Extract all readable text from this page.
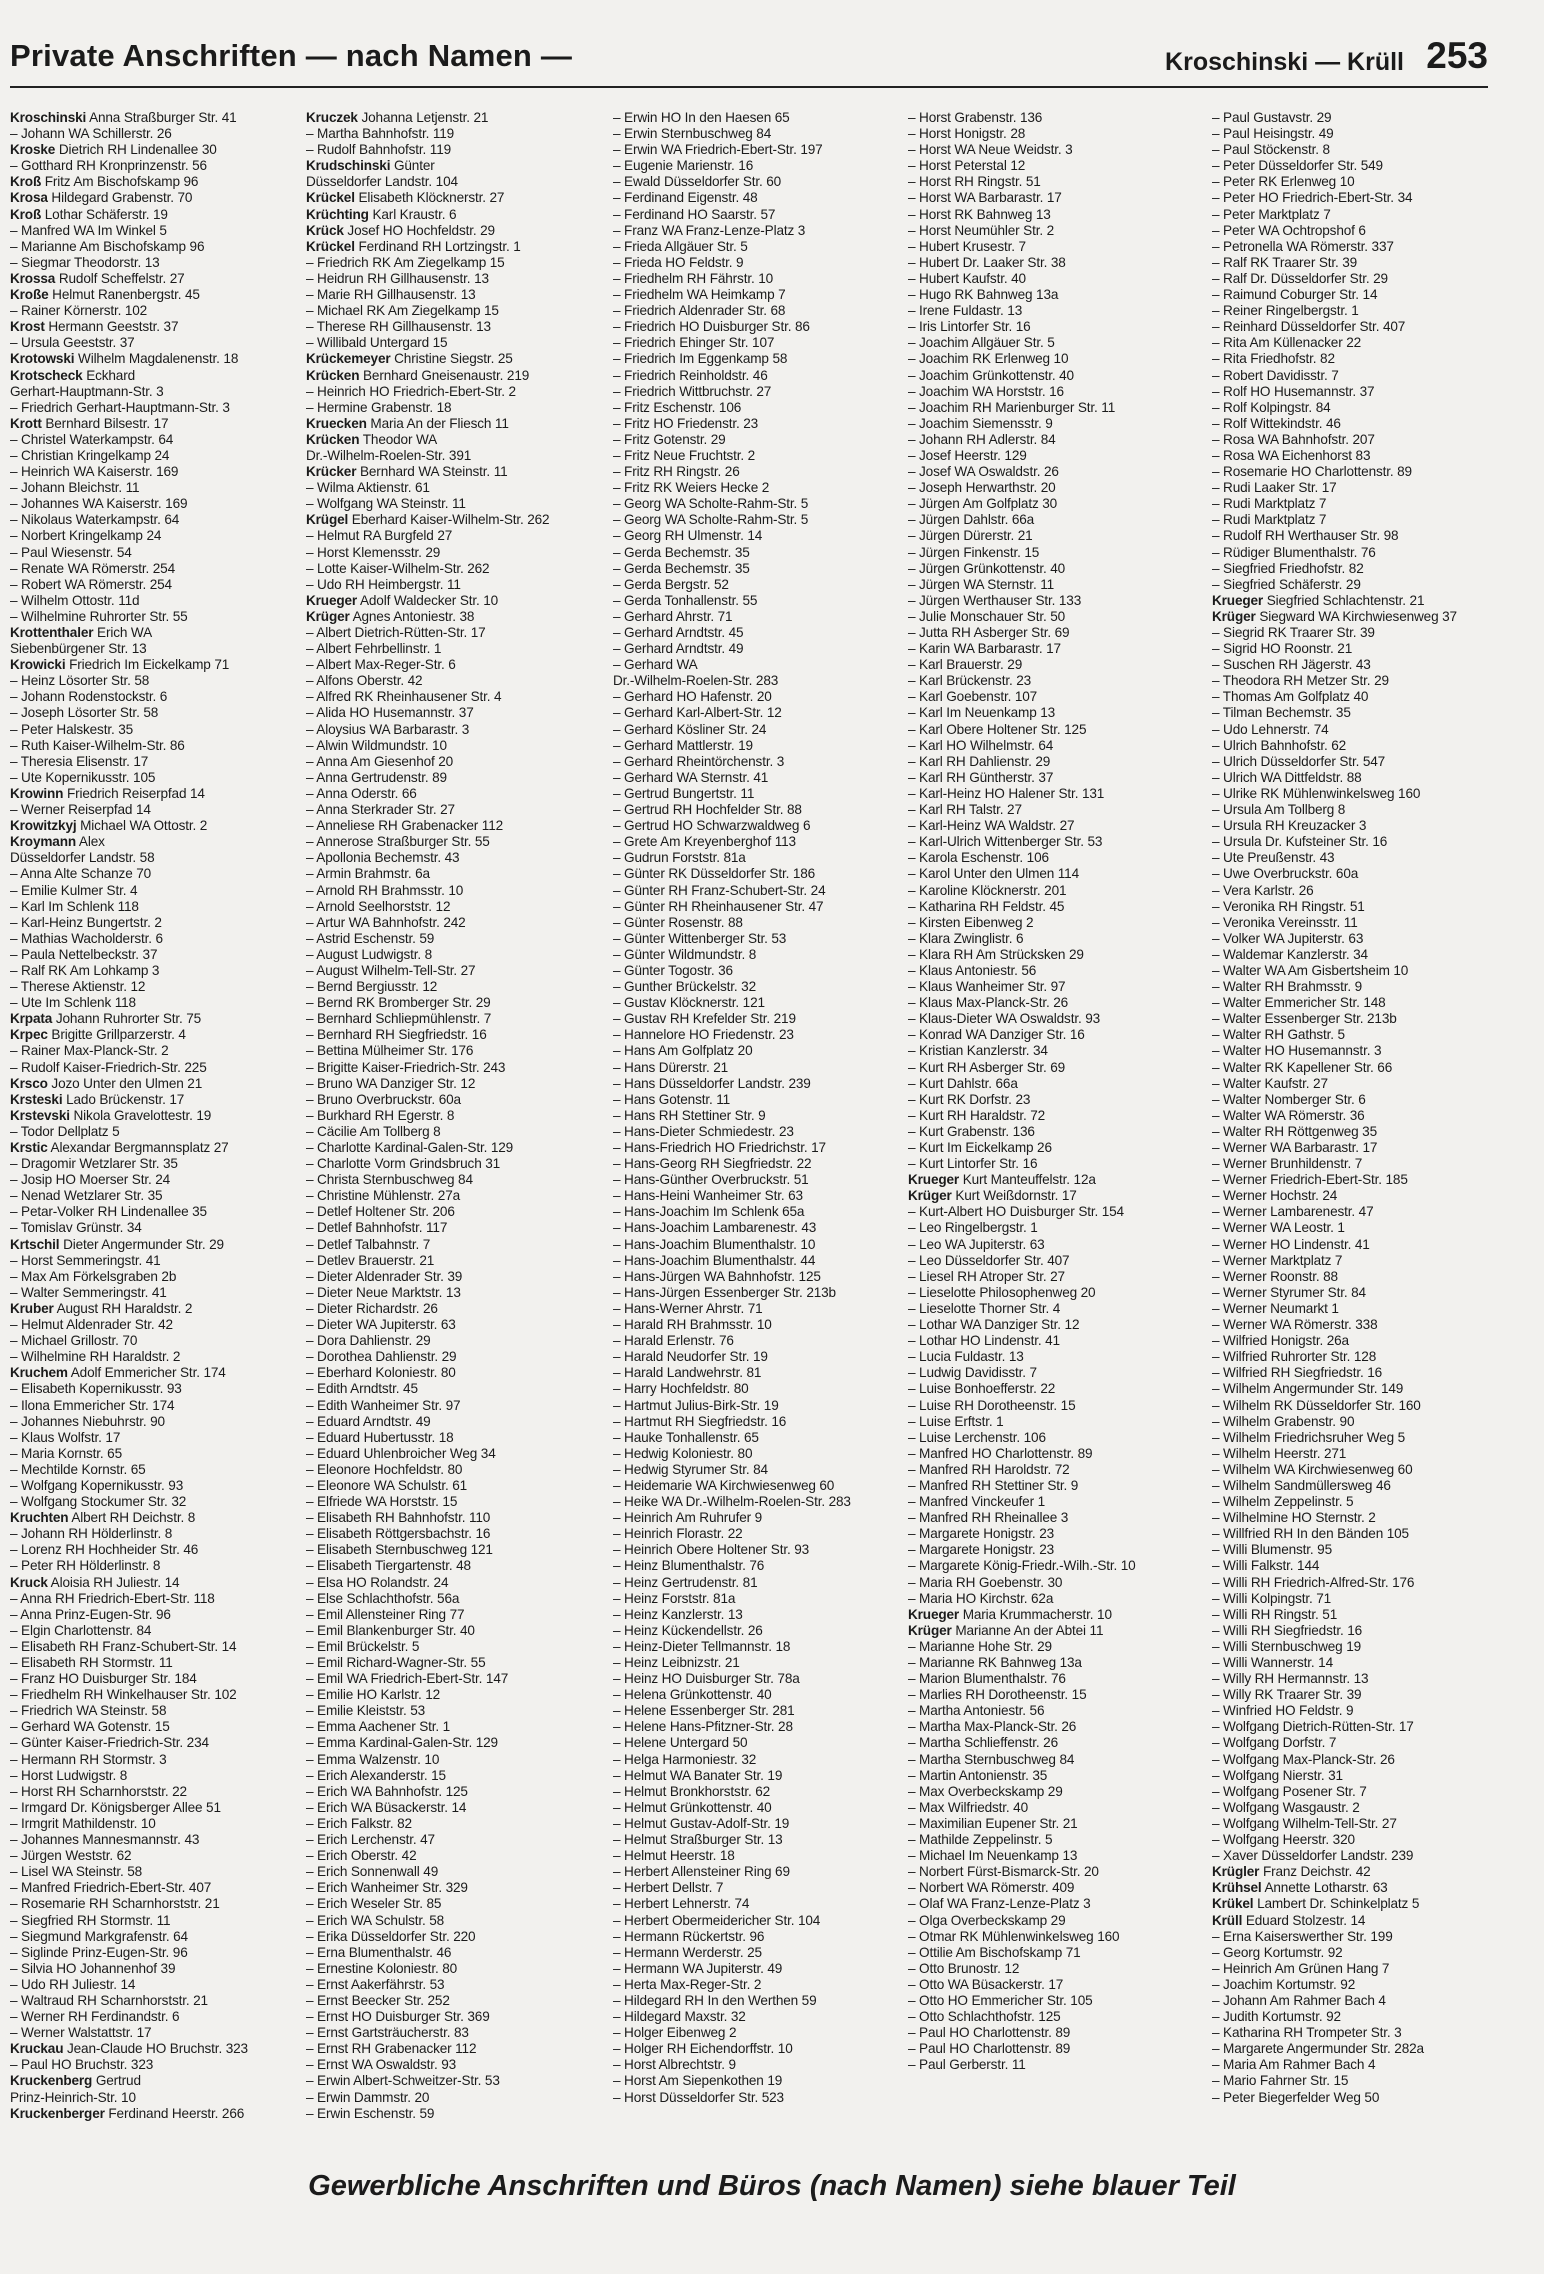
Private Anschriften — nach Namen —	Kroschinski — Krüll 253
Kroschinski Anna Straßburger Str. 41
– Johann WA Schillerstr. 26
Kroske Dietrich RH Lindenallee 30
– Gotthard RH Kronprinzenstr. 56
Kroß Fritz Am Bischofskamp 96
Krosa Hildegard Grabenstr. 70
Kroß Lothar Schäferstr. 19
– Manfred WA Im Winkel 5
– Marianne Am Bischofskamp 96
– Siegmar Theodorstr. 13
Krossa Rudolf Scheffelstr. 27
Kroße Helmut Ranenbergstr. 45
– Rainer Körnerstr. 102
Krost Hermann Geeststr. 37
– Ursula Geeststr. 37
Krotowski Wilhelm Magdalenenstr. 18
Krotscheck Eckhard
Gerhart-Hauptmann-Str. 3
– Friedrich Gerhart-Hauptmann-Str. 3
Krott Bernhard Bilsestr. 17
– Christel Waterkampstr. 64
– Christian Kringelkamp 24
– Heinrich WA Kaiserstr. 169
– Johann Bleichstr. 11
– Johannes WA Kaiserstr. 169
– Nikolaus Waterkampstr. 64
– Norbert Kringelkamp 24
– Paul Wiesenstr. 54
– Renate WA Römerstr. 254
– Robert WA Römerstr. 254
– Wilhelm Ottostr. 11d
– Wilhelmine Ruhrorter Str. 55
Krottenthaler Erich WA
Siebenbürgener Str. 13
Krowicki Friedrich Im Eickelkamp 71
– Heinz Lösorter Str. 58
– Johann Rodenstockstr. 6
– Joseph Lösorter Str. 58
– Peter Halskestr. 35
– Ruth Kaiser-Wilhelm-Str. 86
– Theresia Elisenstr. 17
– Ute Kopernikusstr. 105
Krowinn Friedrich Reiserpfad 14
– Werner Reiserpfad 14
Krowitzkyj Michael WA Ottostr. 2
Kroymann Alex
Düsseldorfer Landstr. 58
– Anna Alte Schanze 70
– Emilie Kulmer Str. 4
– Karl Im Schlenk 118
– Karl-Heinz Bungertstr. 2
– Mathias Wacholderstr. 6
– Paula Nettelbeckstr. 37
– Ralf RK Am Lohkamp 3
– Therese Aktienstr. 12
– Ute Im Schlenk 118
Krpata Johann Ruhrorter Str. 75
Krpec Brigitte Grillparzerstr. 4
– Rainer Max-Planck-Str. 2
– Rudolf Kaiser-Friedrich-Str. 225
Krsco Jozo Unter den Ulmen 21
Krsteski Lado Brückenstr. 17
Krstevski Nikola Gravelottestr. 19
– Todor Dellplatz 5
Krstic Alexandar Bergmannsplatz 27
– Dragomir Wetzlarer Str. 35
– Josip HO Moerser Str. 24
– Nenad Wetzlarer Str. 35
– Petar-Volker RH Lindenallee 35
– Tomislav Grünstr. 34
Krtschil Dieter Angermunder Str. 29
– Horst Semmeringstr. 41
– Max Am Förkelsgraben 2b
– Walter Semmeringstr. 41
Kruber August RH Haraldstr. 2
– Helmut Aldenrader Str. 42
– Michael Grillostr. 70
– Wilhelmine RH Haraldstr. 2
Kruchem Adolf Emmericher Str. 174
– Elisabeth Kopernikusstr. 93
– Ilona Emmericher Str. 174
– Johannes Niebuhrstr. 90
– Klaus Wolfstr. 17
– Maria Kornstr. 65
– Mechtilde Kornstr. 65
– Wolfgang Kopernikusstr. 93
– Wolfgang Stockumer Str. 32
Kruchten Albert RH Deichstr. 8
– Johann RH Hölderlinstr. 8
– Lorenz RH Hochheider Str. 46
– Peter RH Hölderlinstr. 8
Kruck Aloisia RH Juliestr. 14
– Anna RH Friedrich-Ebert-Str. 118
– Anna Prinz-Eugen-Str. 96
– Elgin Charlottenstr. 84
– Elisabeth RH Franz-Schubert-Str. 14
– Elisabeth RH Stormstr. 11
– Franz HO Duisburger Str. 184
– Friedhelm RH Winkelhauser Str. 102
– Friedrich WA Steinstr. 58
– Gerhard WA Gotenstr. 15
– Günter Kaiser-Friedrich-Str. 234
– Hermann RH Stormstr. 3
– Horst Ludwigstr. 8
– Horst RH Scharnhorststr. 22
– Irmgard Dr. Königsberger Allee 51
– Irmgrit Mathildenstr. 10
– Johannes Mannesmannstr. 43
– Jürgen Weststr. 62
– Lisel WA Steinstr. 58
– Manfred Friedrich-Ebert-Str. 407
– Rosemarie RH Scharnhorststr. 21
– Siegfried RH Stormstr. 11
– Siegmund Markgrafenstr. 64
– Siglinde Prinz-Eugen-Str. 96
– Silvia HO Johannenhof 39
– Udo RH Juliestr. 14
– Waltraud RH Scharnhorststr. 21
– Werner RH Ferdinandstr. 6
– Werner Walstattstr. 17
Kruckau Jean-Claude HO Bruchstr. 323
– Paul HO Bruchstr. 323
Kruckenberg Gertrud
Prinz-Heinrich-Str. 10
Kruckenberger Ferdinand Heerstr. 266
Kruczek Johanna Letjenstr. 21
– Martha Bahnhofstr. 119
– Rudolf Bahnhofstr. 119
Krudschinski Günter
Düsseldorfer Landstr. 104
Krückel Elisabeth Klöcknerstr. 27
Krüchting Karl Kraustr. 6
Krück Josef HO Hochfeldstr. 29
Krückel Ferdinand RH Lortzingstr. 1
– Friedrich RK Am Ziegelkamp 15
– Heidrun RH Gillhausenstr. 13
– Marie RH Gillhausenstr. 13
– Michael RK Am Ziegelkamp 15
– Therese RH Gillhausenstr. 13
– Willibald Untergard 15
Krückemeyer Christine Siegstr. 25
Krücken Bernhard Gneisenaustr. 219
– Heinrich HO Friedrich-Ebert-Str. 2
– Hermine Grabenstr. 18
Kruecken Maria An der Fliesch 11
Krücken Theodor WA
Dr.-Wilhelm-Roelen-Str. 391
Krücker Bernhard WA Steinstr. 11
– Wilma Aktienstr. 61
– Wolfgang WA Steinstr. 11
Krügel Eberhard Kaiser-Wilhelm-Str. 262
– Helmut RA Burgfeld 27
– Horst Klemensstr. 29
– Lotte Kaiser-Wilhelm-Str. 262
– Udo RH Heimbergstr. 11
Krueger Adolf Waldecker Str. 10
Krüger Agnes Antoniestr. 38
– Albert Dietrich-Rütten-Str. 17
– Albert Fehrbellinstr. 1
– Albert Max-Reger-Str. 6
– Alfons Oberstr. 42
– Alfred RK Rheinhausener Str. 4
– Alida HO Husemannstr. 37
– Aloysius WA Barbarastr. 3
– Alwin Wildmundstr. 10
– Anna Am Giesenhof 20
– Anna Gertrudenstr. 89
– Anna Oderstr. 66
– Anna Sterkrader Str. 27
– Anneliese RH Grabenacker 112
– Annerose Straßburger Str. 55
– Apollonia Bechemstr. 43
– Armin Brahmstr. 6a
– Arnold RH Brahmsstr. 10
– Arnold Seelhorststr. 12
– Artur WA Bahnhofstr. 242
– Astrid Eschenstr. 59
– August Ludwigstr. 8
– August Wilhelm-Tell-Str. 27
– Bernd Bergiusstr. 12
– Bernd RK Bromberger Str. 29
– Bernhard Schliepmühlenstr. 7
– Bernhard RH Siegfriedstr. 16
– Bettina Mülheimer Str. 176
– Brigitte Kaiser-Friedrich-Str. 243
– Bruno WA Danziger Str. 12
– Bruno Overbruckstr. 60a
– Burkhard RH Egerstr. 8
– Cäcilie Am Tollberg 8
– Charlotte Kardinal-Galen-Str. 129
– Charlotte Vorm Grindsbruch 31
– Christa Sternbuschweg 84
– Christine Mühlenstr. 27a
– Detlef Holtener Str. 206
– Detlef Bahnhofstr. 117
– Detlef Talbahnstr. 7
– Detlev Brauerstr. 21
– Dieter Aldenrader Str. 39
– Dieter Neue Marktstr. 13
– Dieter Richardstr. 26
– Dieter WA Jupiterstr. 63
– Dora Dahlienstr. 29
– Dorothea Dahlienstr. 29
– Eberhard Koloniestr. 80
– Edith Arndtstr. 45
– Edith Wanheimer Str. 97
– Eduard Arndtstr. 49
– Eduard Hubertusstr. 18
– Eduard Uhlenbroicher Weg 34
– Eleonore Hochfeldstr. 80
– Eleonore WA Schulstr. 61
– Elfriede WA Horststr. 15
– Elisabeth RH Bahnhofstr. 110
– Elisabeth Röttgersbachstr. 16
– Elisabeth Sternbuschweg 121
– Elisabeth Tiergartenstr. 48
– Elsa HO Rolandstr. 24
– Else Schlachthofstr. 56a
– Emil Allensteiner Ring 77
– Emil Blankenburger Str. 40
– Emil Brückelstr. 5
– Emil Richard-Wagner-Str. 55
– Emil WA Friedrich-Ebert-Str. 147
– Emilie HO Karlstr. 12
– Emilie Kleiststr. 53
– Emma Aachener Str. 1
– Emma Kardinal-Galen-Str. 129
– Emma Walzenstr. 10
– Erich Alexanderstr. 15
– Erich WA Bahnhofstr. 125
– Erich WA Büsackerstr. 14
– Erich Falkstr. 82
– Erich Lerchenstr. 47
– Erich Oberstr. 42
– Erich Sonnenwall 49
– Erich Wanheimer Str. 329
– Erich Weseler Str. 85
– Erich WA Schulstr. 58
– Erika Düsseldorfer Str. 220
– Erna Blumenthalstr. 46
– Ernestine Koloniestr. 80
– Ernst Aakerfährstr. 53
– Ernst Beecker Str. 252
– Ernst HO Duisburger Str. 369
– Ernst Gartsträucherstr. 83
– Ernst RH Grabenacker 112
– Ernst WA Oswaldstr. 93
– Erwin Albert-Schweitzer-Str. 53
– Erwin Dammstr. 20
– Erwin Eschenstr. 59
– Erwin HO In den Haesen 65
– Erwin Sternbuschweg 84
– Erwin WA Friedrich-Ebert-Str. 197
– Eugenie Marienstr. 16
– Ewald Düsseldorfer Str. 60
– Ferdinand Eigenstr. 48
– Ferdinand HO Saarstr. 57
– Franz WA Franz-Lenze-Platz 3
– Frieda Allgäuer Str. 5
– Frieda HO Feldstr. 9
– Friedhelm RH Fährstr. 10
– Friedhelm WA Heimkamp 7
– Friedrich Aldenrader Str. 68
– Friedrich HO Duisburger Str. 86
– Friedrich Ehinger Str. 107
– Friedrich Im Eggenkamp 58
– Friedrich Reinholdstr. 46
– Friedrich Wittbruchstr. 27
– Fritz Eschenstr. 106
– Fritz HO Friedenstr. 23
– Fritz Gotenstr. 29
– Fritz Neue Fruchtstr. 2
– Fritz RH Ringstr. 26
– Fritz RK Weiers Hecke 2
– Georg WA Scholte-Rahm-Str. 5
– Georg WA Scholte-Rahm-Str. 5
– Georg RH Ulmenstr. 14
– Gerda Bechemstr. 35
– Gerda Bechemstr. 35
– Gerda Bergstr. 52
– Gerda Tonhallenstr. 55
– Gerhard Ahrstr. 71
– Gerhard Arndtstr. 45
– Gerhard Arndtstr. 49
– Gerhard WA
Dr.-Wilhelm-Roelen-Str. 283
– Gerhard HO Hafenstr. 20
– Gerhard Karl-Albert-Str. 12
– Gerhard Kösliner Str. 24
– Gerhard Mattlerstr. 19
– Gerhard Rheintörchenstr. 3
– Gerhard WA Sternstr. 41
– Gertrud Bungertstr. 11
– Gertrud RH Hochfelder Str. 88
– Gertrud HO Schwarzwaldweg 6
– Grete Am Kreyenberghof 113
– Gudrun Forststr. 81a
– Günter RK Düsseldorfer Str. 186
– Günter RH Franz-Schubert-Str. 24
– Günter RH Rheinhausener Str. 47
– Günter Rosenstr. 88
– Günter Wittenberger Str. 53
– Günter Wildmundstr. 8
– Günter Togostr. 36
– Gunther Brückelstr. 32
– Gustav Klöcknerstr. 121
– Gustav RH Krefelder Str. 219
– Hannelore HO Friedenstr. 23
– Hans Am Golfplatz 20
– Hans Dürerstr. 21
– Hans Düsseldorfer Landstr. 239
– Hans Gotenstr. 11
– Hans RH Stettiner Str. 9
– Hans-Dieter Schmiedestr. 23
– Hans-Friedrich HO Friedrichstr. 17
– Hans-Georg RH Siegfriedstr. 22
– Hans-Günther Overbruckstr. 51
– Hans-Heini Wanheimer Str. 63
– Hans-Joachim Im Schlenk 65a
– Hans-Joachim Lambarenestr. 43
– Hans-Joachim Blumenthalstr. 10
– Hans-Joachim Blumenthalstr. 44
– Hans-Jürgen WA Bahnhofstr. 125
– Hans-Jürgen Essenberger Str. 213b
– Hans-Werner Ahrstr. 71
– Harald RH Brahmsstr. 10
– Harald Erlenstr. 76
– Harald Neudorfer Str. 19
– Harald Landwehrstr. 81
– Harry Hochfeldstr. 80
– Hartmut Julius-Birk-Str. 19
– Hartmut RH Siegfriedstr. 16
– Hauke Tonhallenstr. 65
– Hedwig Koloniestr. 80
– Hedwig Styrumer Str. 84
– Heidemarie WA Kirchwiesenweg 60
– Heike WA Dr.-Wilhelm-Roelen-Str. 283
– Heinrich Am Ruhrufer 9
– Heinrich Florastr. 22
– Heinrich Obere Holtener Str. 93
– Heinz Blumenthalstr. 76
– Heinz Gertrudenstr. 81
– Heinz Forststr. 81a
– Heinz Kanzlerstr. 13
– Heinz Kückendellstr. 26
– Heinz-Dieter Tellmannstr. 18
– Heinz Leibnizstr. 21
– Heinz HO Duisburger Str. 78a
– Helena Grünkottenstr. 40
– Helene Essenberger Str. 281
– Helene Hans-Pfitzner-Str. 28
– Helene Untergard 50
– Helga Harmoniestr. 32
– Helmut WA Banater Str. 19
– Helmut Bronkhorststr. 62
– Helmut Grünkottenstr. 40
– Helmut Gustav-Adolf-Str. 19
– Helmut Straßburger Str. 13
– Helmut Heerstr. 18
– Herbert Allensteiner Ring 69
– Herbert Dellstr. 7
– Herbert Lehnerstr. 74
– Herbert Obermeidericher Str. 104
– Hermann Rückertstr. 96
– Hermann Werderstr. 25
– Hermann WA Jupiterstr. 49
– Herta Max-Reger-Str. 2
– Hildegard RH In den Werthen 59
– Hildegard Maxstr. 32
– Holger Eibenweg 2
– Holger RH Eichendorffstr. 10
– Horst Albrechtstr. 9
– Horst Am Siepenkothen 19
– Horst Düsseldorfer Str. 523
– Horst Grabenstr. 136
– Horst Honigstr. 28
– Horst WA Neue Weidstr. 3
– Horst Peterstal 12
– Horst RH Ringstr. 51
– Horst WA Barbarastr. 17
– Horst RK Bahnweg 13
– Horst Neumühler Str. 2
– Hubert Krusestr. 7
– Hubert Dr. Laaker Str. 38
– Hubert Kaufstr. 40
– Hugo RK Bahnweg 13a
– Irene Fuldastr. 13
– Iris Lintorfer Str. 16
– Joachim Allgäuer Str. 5
– Joachim RK Erlenweg 10
– Joachim Grünkottenstr. 40
– Joachim WA Horststr. 16
– Joachim RH Marienburger Str. 11
– Joachim Siemensstr. 9
– Johann RH Adlerstr. 84
– Josef Heerstr. 129
– Josef WA Oswaldstr. 26
– Joseph Herwarthstr. 20
– Jürgen Am Golfplatz 30
– Jürgen Dahlstr. 66a
– Jürgen Dürerstr. 21
– Jürgen Finkenstr. 15
– Jürgen Grünkottenstr. 40
– Jürgen WA Sternstr. 11
– Jürgen Werthauser Str. 133
– Julie Monschauer Str. 50
– Jutta RH Asberger Str. 69
– Karin WA Barbarastr. 17
– Karl Brauerstr. 29
– Karl Brückenstr. 23
– Karl Goebenstr. 107
– Karl Im Neuenkamp 13
– Karl Obere Holtener Str. 125
– Karl HO Wilhelmstr. 64
– Karl RH Dahlienstr. 29
– Karl RH Güntherstr. 37
– Karl-Heinz HO Halener Str. 131
– Karl RH Talstr. 27
– Karl-Heinz WA Waldstr. 27
– Karl-Ulrich Wittenberger Str. 53
– Karola Eschenstr. 106
– Karol Unter den Ulmen 114
– Karoline Klöcknerstr. 201
– Katharina RH Feldstr. 45
– Kirsten Eibenweg 2
– Klara Zwinglistr. 6
– Klara RH Am Strücksken 29
– Klaus Antoniestr. 56
– Klaus Wanheimer Str. 97
– Klaus Max-Planck-Str. 26
– Klaus-Dieter WA Oswaldstr. 93
– Konrad WA Danziger Str. 16
– Kristian Kanzlerstr. 34
– Kurt RH Asberger Str. 69
– Kurt Dahlstr. 66a
– Kurt RK Dorfstr. 23
– Kurt RH Haraldstr. 72
– Kurt Grabenstr. 136
– Kurt Im Eickelkamp 26
– Kurt Lintorfer Str. 16
Krueger Kurt Manteuffelstr. 12a
Krüger Kurt Weißdornstr. 17
– Kurt-Albert HO Duisburger Str. 154
– Leo Ringelbergstr. 1
– Leo WA Jupiterstr. 63
– Leo Düsseldorfer Str. 407
– Liesel RH Atroper Str. 27
– Lieselotte Philosophenweg 20
– Lieselotte Thorner Str. 4
– Lothar WA Danziger Str. 12
– Lothar HO Lindenstr. 41
– Lucia Fuldastr. 13
– Ludwig Davidisstr. 7
– Luise Bonhoefferstr. 22
– Luise RH Dorotheenstr. 15
– Luise Erftstr. 1
– Luise Lerchenstr. 106
– Manfred HO Charlottenstr. 89
– Manfred RH Haroldstr. 72
– Manfred RH Stettiner Str. 9
– Manfred Vinckeufer 1
– Manfred RH Rheinallee 3
– Margarete Honigstr. 23
– Margarete Honigstr. 23
– Margarete König-Friedr.-Wilh.-Str. 10
– Maria RH Goebenstr. 30
– Maria HO Kirchstr. 62a
Krueger Maria Krummacherstr. 10
Krüger Marianne An der Abtei 11
– Marianne Hohe Str. 29
– Marianne RK Bahnweg 13a
– Marion Blumenthalstr. 76
– Marlies RH Dorotheenstr. 15
– Martha Antoniestr. 56
– Martha Max-Planck-Str. 26
– Martha Schlieffenstr. 26
– Martha Sternbuschweg 84
– Martin Antonienstr. 35
– Max Overbeckskamp 29
– Max Wilfriedstr. 40
– Maximilian Eupener Str. 21
– Mathilde Zeppelinstr. 5
– Michael Im Neuenkamp 13
– Norbert Fürst-Bismarck-Str. 20
– Norbert WA Römerstr. 409
– Olaf WA Franz-Lenze-Platz 3
– Olga Overbeckskamp 29
– Otmar RK Mühlenwinkelsweg 160
– Ottilie Am Bischofskamp 71
– Otto Brunostr. 12
– Otto WA Büsackerstr. 17
– Otto HO Emmericher Str. 105
– Otto Schlachthofstr. 125
– Paul HO Charlottenstr. 89
– Paul HO Charlottenstr. 89
– Paul Gerberstr. 11
– Paul Gustavstr. 29
– Paul Heisingstr. 49
– Paul Stöckenstr. 8
– Peter Düsseldorfer Str. 549
– Peter RK Erlenweg 10
– Peter HO Friedrich-Ebert-Str. 34
– Peter Marktplatz 7
– Peter WA Ochtropshof 6
– Petronella WA Römerstr. 337
– Ralf RK Traarer Str. 39
– Ralf Dr. Düsseldorfer Str. 29
– Raimund Coburger Str. 14
– Reiner Ringelbergstr. 1
– Reinhard Düsseldorfer Str. 407
– Rita Am Küllenacker 22
– Rita Friedhofstr. 82
– Robert Davidisstr. 7
– Rolf HO Husemannstr. 37
– Rolf Kolpingstr. 84
– Rolf Wittekindstr. 46
– Rosa WA Bahnhofstr. 207
– Rosa WA Eichenhorst 83
– Rosemarie HO Charlottenstr. 89
– Rudi Laaker Str. 17
– Rudi Marktplatz 7
– Rudi Marktplatz 7
– Rudolf RH Werthauser Str. 98
– Rüdiger Blumenthalstr. 76
– Siegfried Friedhofstr. 82
– Siegfried Schäferstr. 29
Krueger Siegfried Schlachtenstr. 21
Krüger Siegward WA Kirchwiesenweg 37
– Siegrid RK Traarer Str. 39
– Sigrid HO Roonstr. 21
– Suschen RH Jägerstr. 43
– Theodora RH Metzer Str. 29
– Thomas Am Golfplatz 40
– Tilman Bechemstr. 35
– Udo Lehnerstr. 74
– Ulrich Bahnhofstr. 62
– Ulrich Düsseldorfer Str. 547
– Ulrich WA Dittfeldstr. 88
– Ulrike RK Mühlenwinkelsweg 160
– Ursula Am Tollberg 8
– Ursula RH Kreuzacker 3
– Ursula Dr. Kufsteiner Str. 16
– Ute Preußenstr. 43
– Uwe Overbruckstr. 60a
– Vera Karlstr. 26
– Veronika RH Ringstr. 51
– Veronika Vereinsstr. 11
– Volker WA Jupiterstr. 63
– Waldemar Kanzlerstr. 34
– Walter WA Am Gisbertsheim 10
– Walter RH Brahmsstr. 9
– Walter Emmericher Str. 148
– Walter Essenberger Str. 213b
– Walter RH Gathstr. 5
– Walter HO Husemannstr. 3
– Walter RK Kapellener Str. 66
– Walter Kaufstr. 27
– Walter Nomberger Str. 6
– Walter WA Römerstr. 36
– Walter RH Röttgenweg 35
– Werner WA Barbarastr. 17
– Werner Brunhildenstr. 7
– Werner Friedrich-Ebert-Str. 185
– Werner Hochstr. 24
– Werner Lambarenestr. 47
– Werner WA Leostr. 1
– Werner HO Lindenstr. 41
– Werner Marktplatz 7
– Werner Roonstr. 88
– Werner Styrumer Str. 84
– Werner Neumarkt 1
– Werner WA Römerstr. 338
– Wilfried Honigstr. 26a
– Wilfried Ruhrorter Str. 128
– Wilfried RH Siegfriedstr. 16
– Wilhelm Angermunder Str. 149
– Wilhelm RK Düsseldorfer Str. 160
– Wilhelm Grabenstr. 90
– Wilhelm Friedrichsruher Weg 5
– Wilhelm Heerstr. 271
– Wilhelm WA Kirchwiesenweg 60
– Wilhelm Sandmüllersweg 46
– Wilhelm Zeppelinstr. 5
– Wilhelmine HO Sternstr. 2
– Willfried RH In den Bänden 105
– Willi Blumenstr. 95
– Willi Falkstr. 144
– Willi RH Friedrich-Alfred-Str. 176
– Willi Kolpingstr. 71
– Willi RH Ringstr. 51
– Willi RH Siegfriedstr. 16
– Willi Sternbuschweg 19
– Willi Wannerstr. 14
– Willy RH Hermannstr. 13
– Willy RK Traarer Str. 39
– Winfried HO Feldstr. 9
– Wolfgang Dietrich-Rütten-Str. 17
– Wolfgang Dorfstr. 7
– Wolfgang Max-Planck-Str. 26
– Wolfgang Nierstr. 31
– Wolfgang Posener Str. 7
– Wolfgang Wasgaustr. 2
– Wolfgang Wilhelm-Tell-Str. 27
– Wolfgang Heerstr. 320
– Xaver Düsseldorfer Landstr. 239
Krügler Franz Deichstr. 42
Krühsel Annette Lotharstr. 63
Krükel Lambert Dr. Schinkelplatz 5
Krüll Eduard Stolzestr. 14
– Erna Kaiserswerther Str. 199
– Georg Kortumstr. 92
– Heinrich Am Grünen Hang 7
– Joachim Kortumstr. 92
– Johann Am Rahmer Bach 4
– Judith Kortumstr. 92
– Katharina RH Trompeter Str. 3
– Margarete Angermunder Str. 282a
– Maria Am Rahmer Bach 4
– Mario Fahrner Str. 15
– Peter Biegerfelder Weg 50
Gewerbliche Anschriften und Büros (nach Namen) siehe blauer Teil
